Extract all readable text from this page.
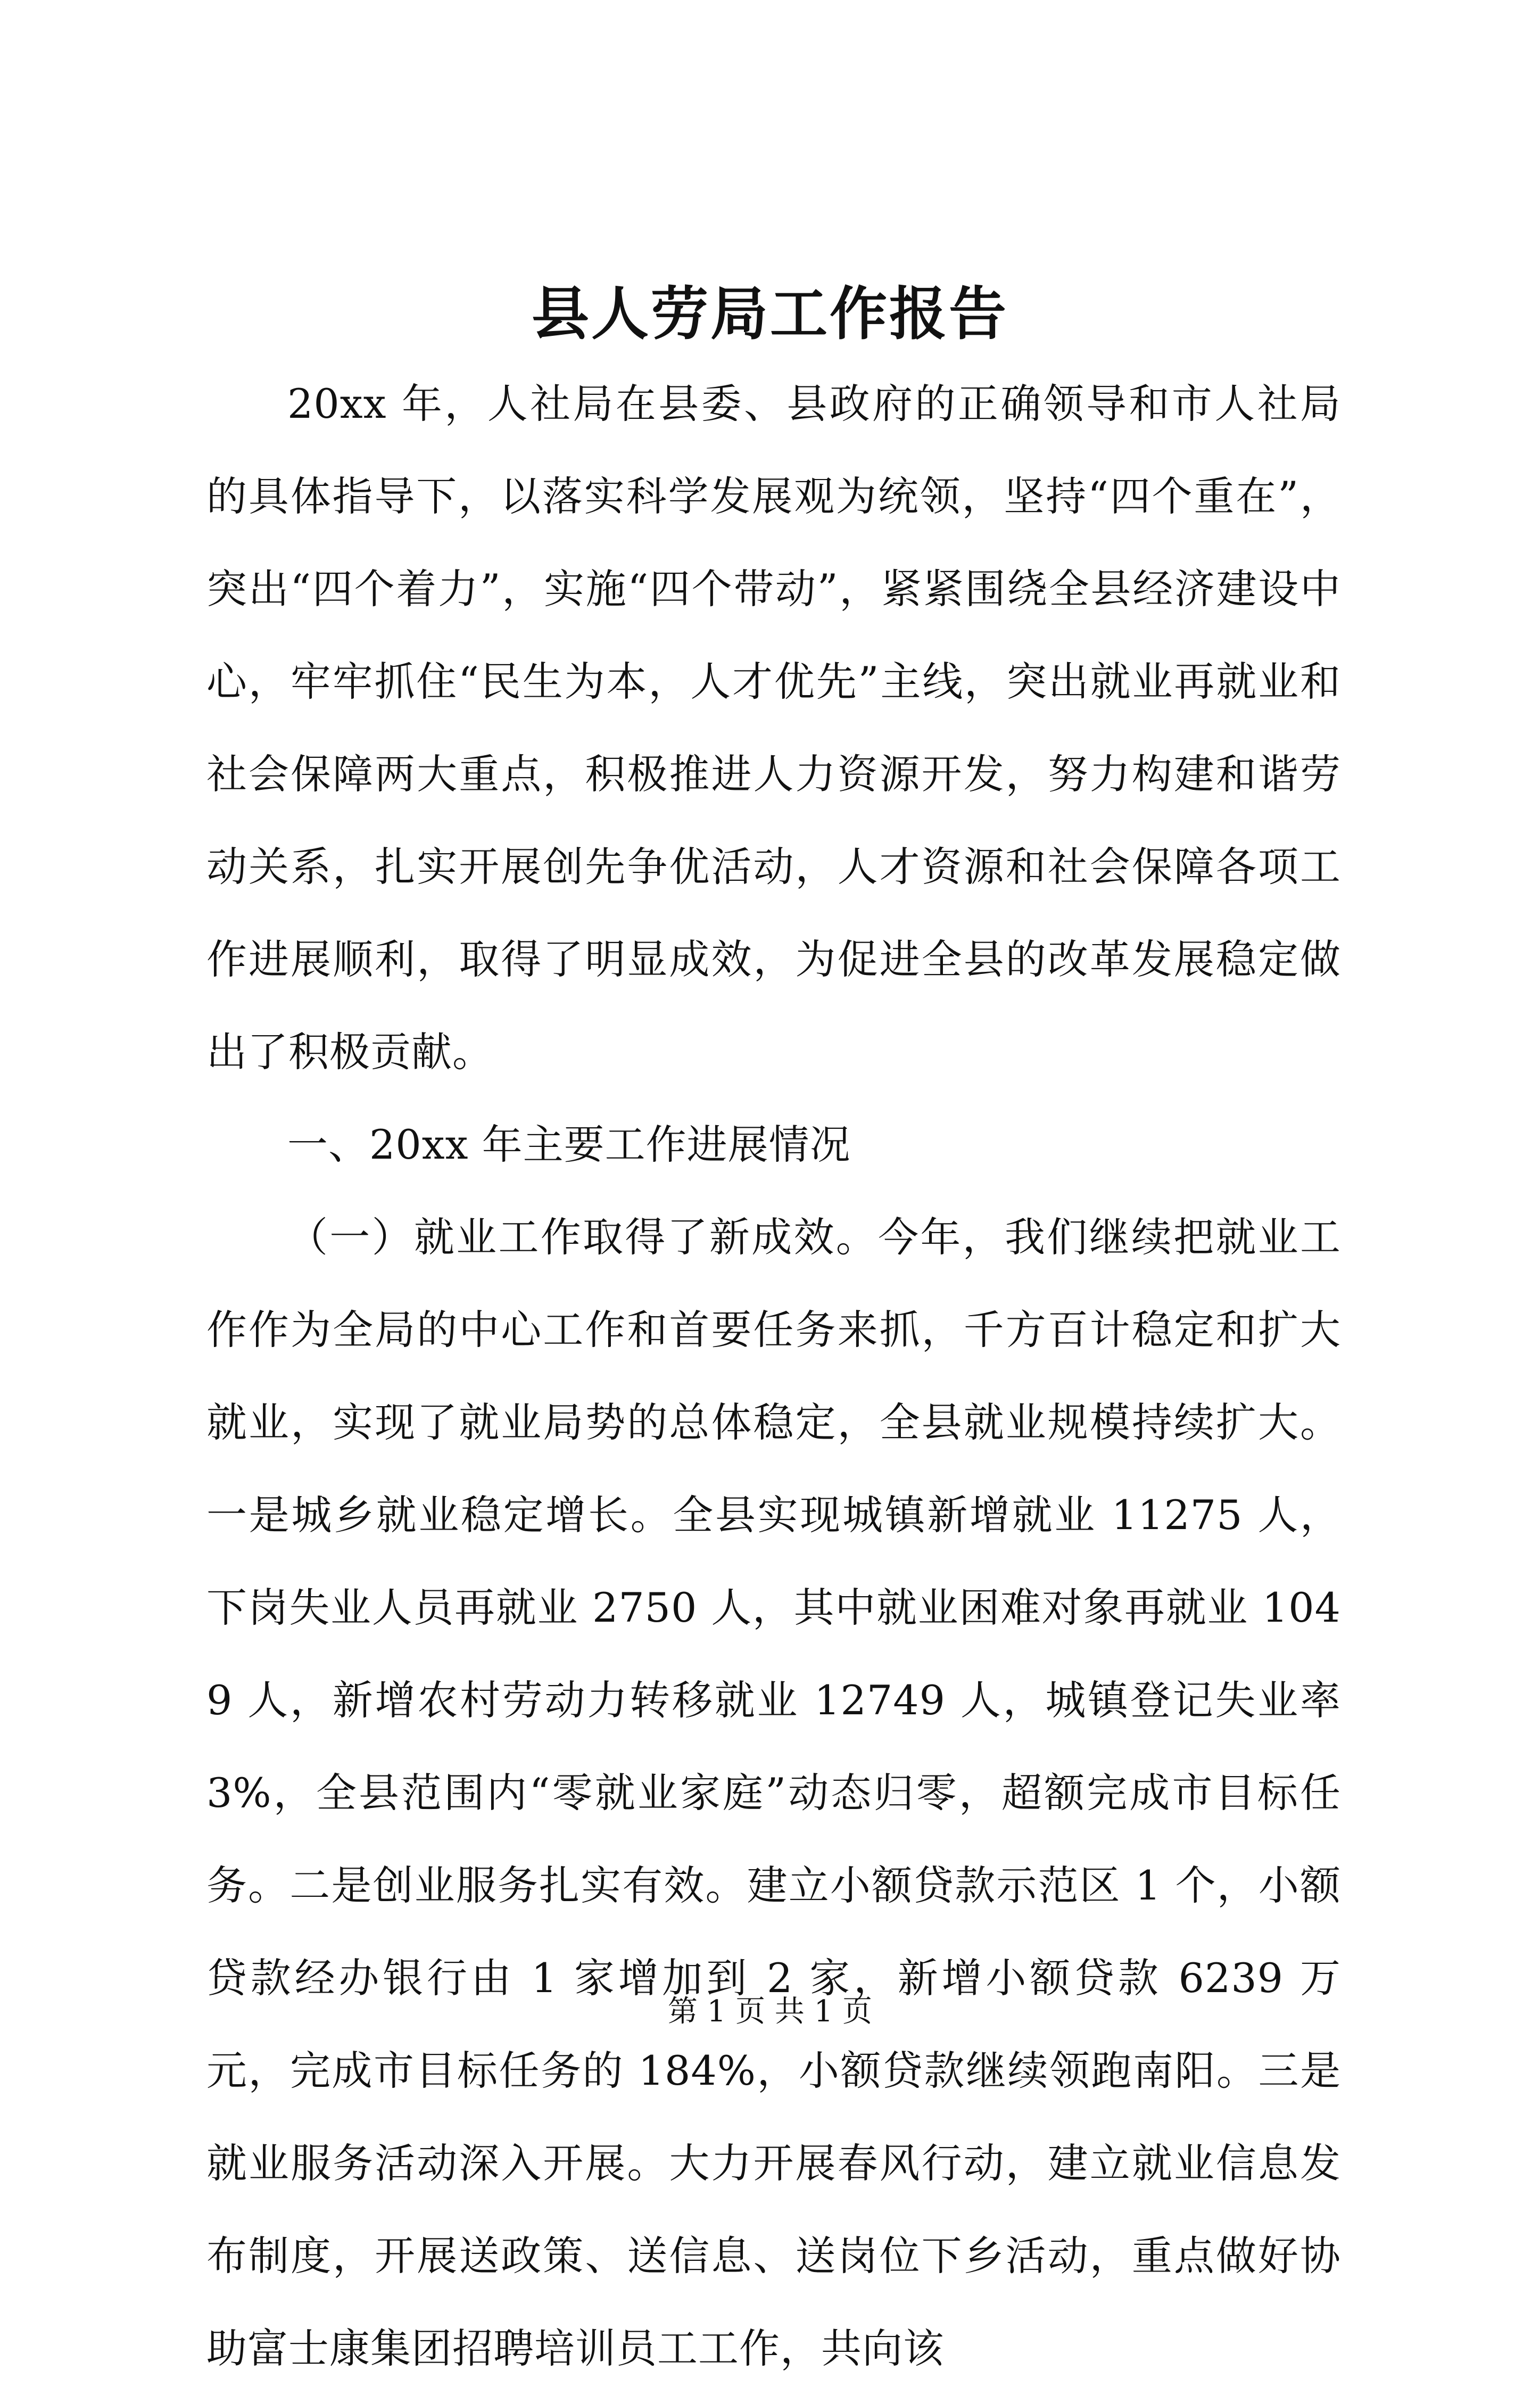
县人劳局工作报告

20xx 年，人社局在县委、县政府的正确领导和市人社局的具体指导下，以落实科学发展观为统领，坚持“四个重在”，突出“四个着力”，实施“四个带动”，紧紧围绕全县经济建设中心，牢牢抓住“民生为本，人才优先”主线，突出就业再就业和社会保障两大重点，积极推进人力资源开发，努力构建和谐劳动关系，扎实开展创先争优活动，人才资源和社会保障各项工作进展顺利，取得了明显成效，为促进全县的改革发展稳定做出了积极贡献。

一、20xx 年主要工作进展情况

（一）就业工作取得了新成效。今年，我们继续把就业工作作为全局的中心工作和首要任务来抓，千方百计稳定和扩大就业，实现了就业局势的总体稳定，全县就业规模持续扩大。一是城乡就业稳定增长。全县实现城镇新增就业 11275 人，下岗失业人员再就业 2750 人，其中就业困难对象再就业 1049 人，新增农村劳动力转移就业 12749 人，城镇登记失业率 3%，全县范围内“零就业家庭”动态归零，超额完成市目标任务。二是创业服务扎实有效。建立小额贷款示范区 1 个，小额贷款经办银行由 1 家增加到 2 家，新增小额贷款 6239 万元，完成市目标任务的 184%，小额贷款继续领跑南阳。三是就业服务活动深入开展。大力开展春风行动，建立就业信息发布制度，开展送政策、送信息、送岗位下乡活动，重点做好协助富士康集团招聘培训员工工作，共向该

第 1 页 共 1 页
